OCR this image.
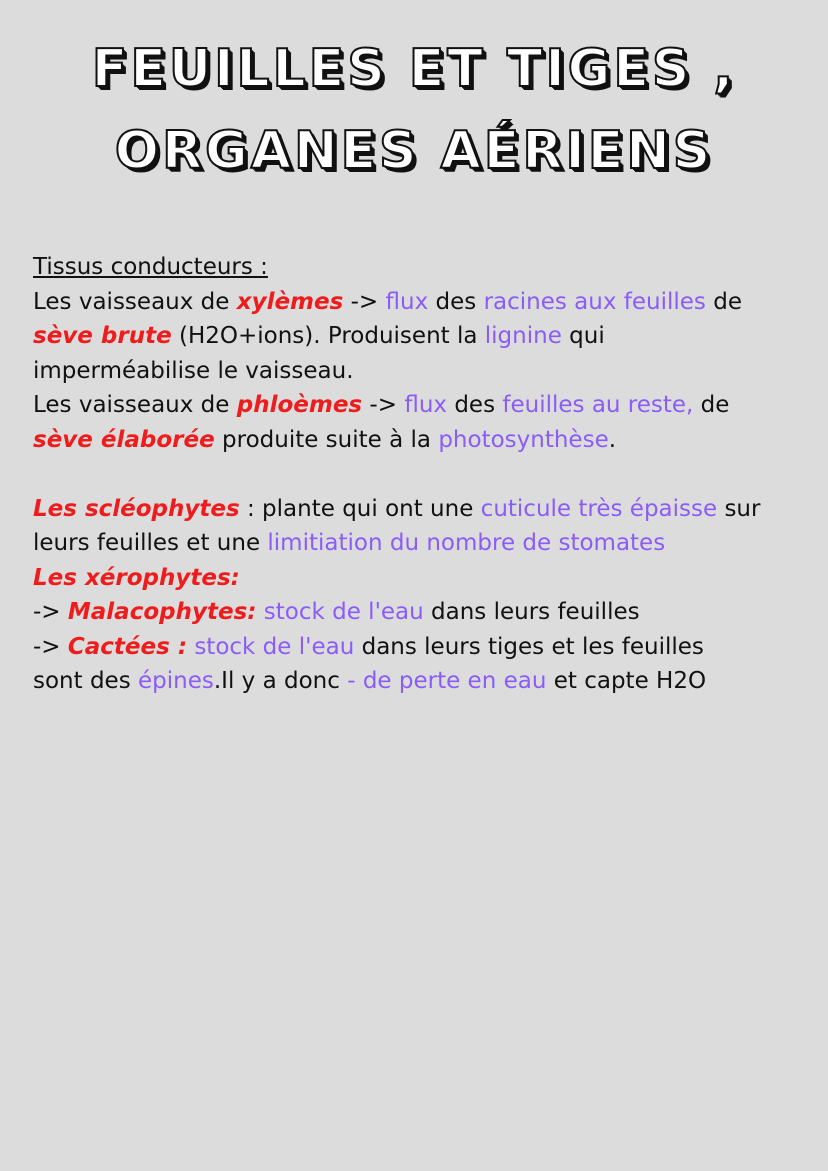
FEUILLES ET TIGES ,
ORGANES AÉRIENS
Tissus conducteurs :
Les vaisseaux de xylèmes -> flux des racines aux feuilles de
sève brute (H2O+ions). Produisent la lignine qui
imperméabilise le vaisseau.
Les vaisseaux de phloèmes -> flux des feuilles au reste, de
sève élaborée produite suite à la photosynthèse.
Les scléophytes : plante qui ont une cuticule très épaisse sur
leurs feuilles et une limitiation du nombre de stomates
Les xérophytes:
-> Malacophytes: stock de l'eau dans leurs feuilles
-> Cactées : stock de l'eau dans leurs tiges et les feuilles
sont des épines.Il y a donc - de perte en eau et capte H2O
